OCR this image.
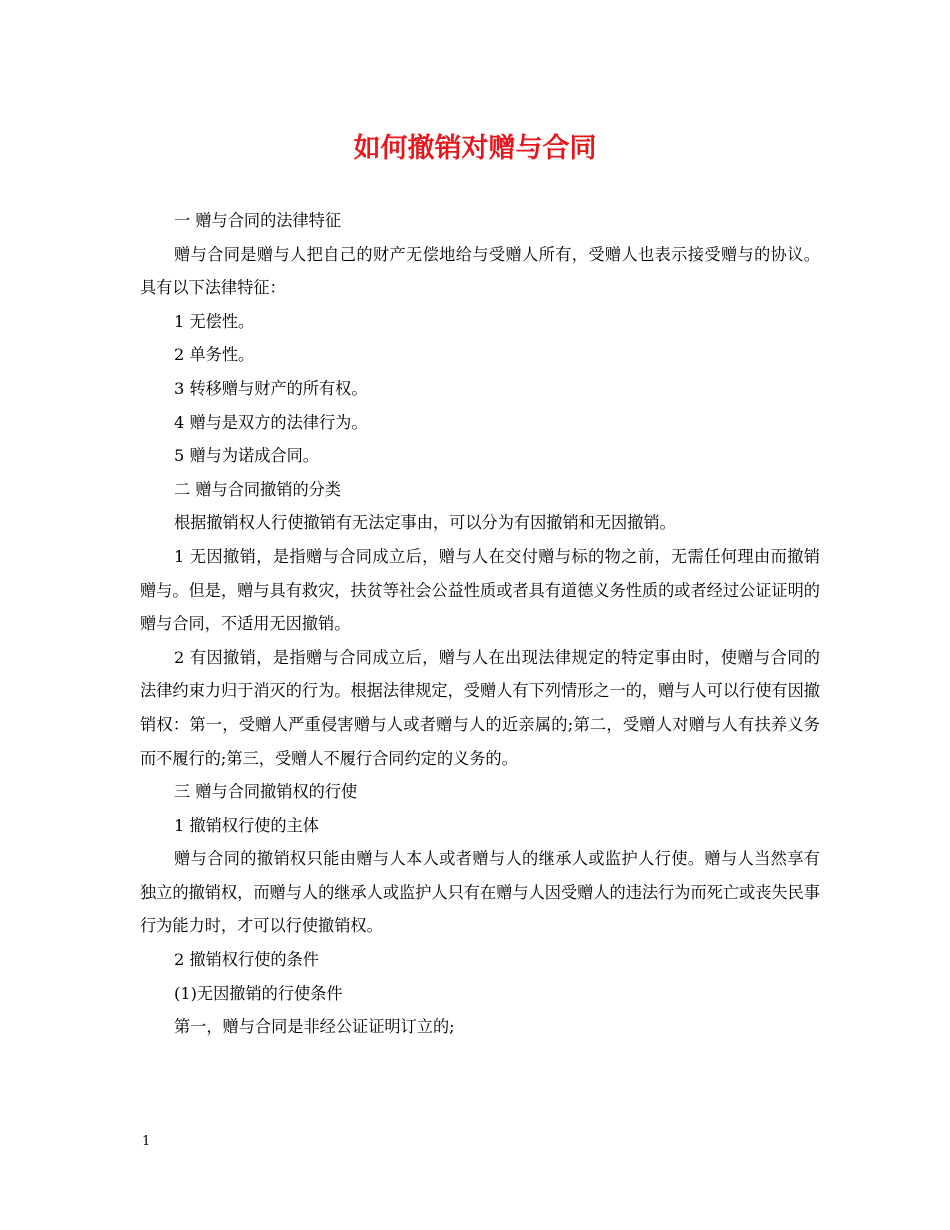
如何撤销对赠与合同

一 赠与合同的法律特征

赠与合同是赠与人把自己的财产无偿地给与受赠人所有，受赠人也表示接受赠与的协议。具有以下法律特征：

1 无偿性。

2 单务性。

3 转移赠与财产的所有权。

4 赠与是双方的法律行为。

5 赠与为诺成合同。

二 赠与合同撤销的分类

根据撤销权人行使撤销有无法定事由，可以分为有因撤销和无因撤销。

1 无因撤销，是指赠与合同成立后，赠与人在交付赠与标的物之前，无需任何理由而撤销赠与。但是，赠与具有救灾，扶贫等社会公益性质或者具有道德义务性质的或者经过公证证明的赠与合同，不适用无因撤销。

2 有因撤销，是指赠与合同成立后，赠与人在出现法律规定的特定事由时，使赠与合同的法律约束力归于消灭的行为。根据法律规定，受赠人有下列情形之一的，赠与人可以行使有因撤销权：第一，受赠人严重侵害赠与人或者赠与人的近亲属的;第二，受赠人对赠与人有扶养义务而不履行的;第三，受赠人不履行合同约定的义务的。

三 赠与合同撤销权的行使

1 撤销权行使的主体

赠与合同的撤销权只能由赠与人本人或者赠与人的继承人或监护人行使。赠与人当然享有独立的撤销权，而赠与人的继承人或监护人只有在赠与人因受赠人的违法行为而死亡或丧失民事行为能力时，才可以行使撤销权。

2 撤销权行使的条件

(1)无因撤销的行使条件

第一，赠与合同是非经公证证明订立的;

1
